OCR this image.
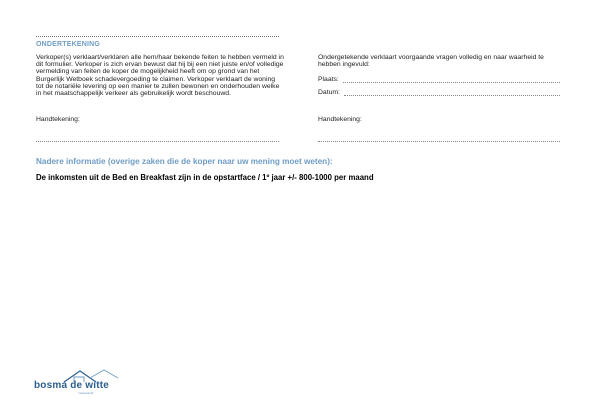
ONDERTEKENING
Verkoper(s) verklaart/verklaren alle hem/haar bekende feiten te hebben vermeld in dit formulier. Verkoper is zich ervan bewust dat hij bij een niet juiste en/of volledige vermelding van feiten de koper de mogelijkheid heeft om op grond van het Burgerlijk Wetboek schadevergoeding te claimen. Verkoper verklaart de woning tot de notariële levering op een manier te zullen bewonen en onderhouden welke in het maatschappelijk verkeer als gebruikelijk wordt beschouwd.
Ondergetekende verklaart voorgaande vragen volledig en naar waarheid te hebben ingevuld:
Plaats:
Datum:
Handtekening:	Handtekening:
Nadere informatie (overige zaken die de koper naar uw mening moet weten):
De inkomsten uit de Bed en Breakfast zijn in de opstartface / 1º jaar +/- 800-1000 per maand
bosma de witte
makelaardij
